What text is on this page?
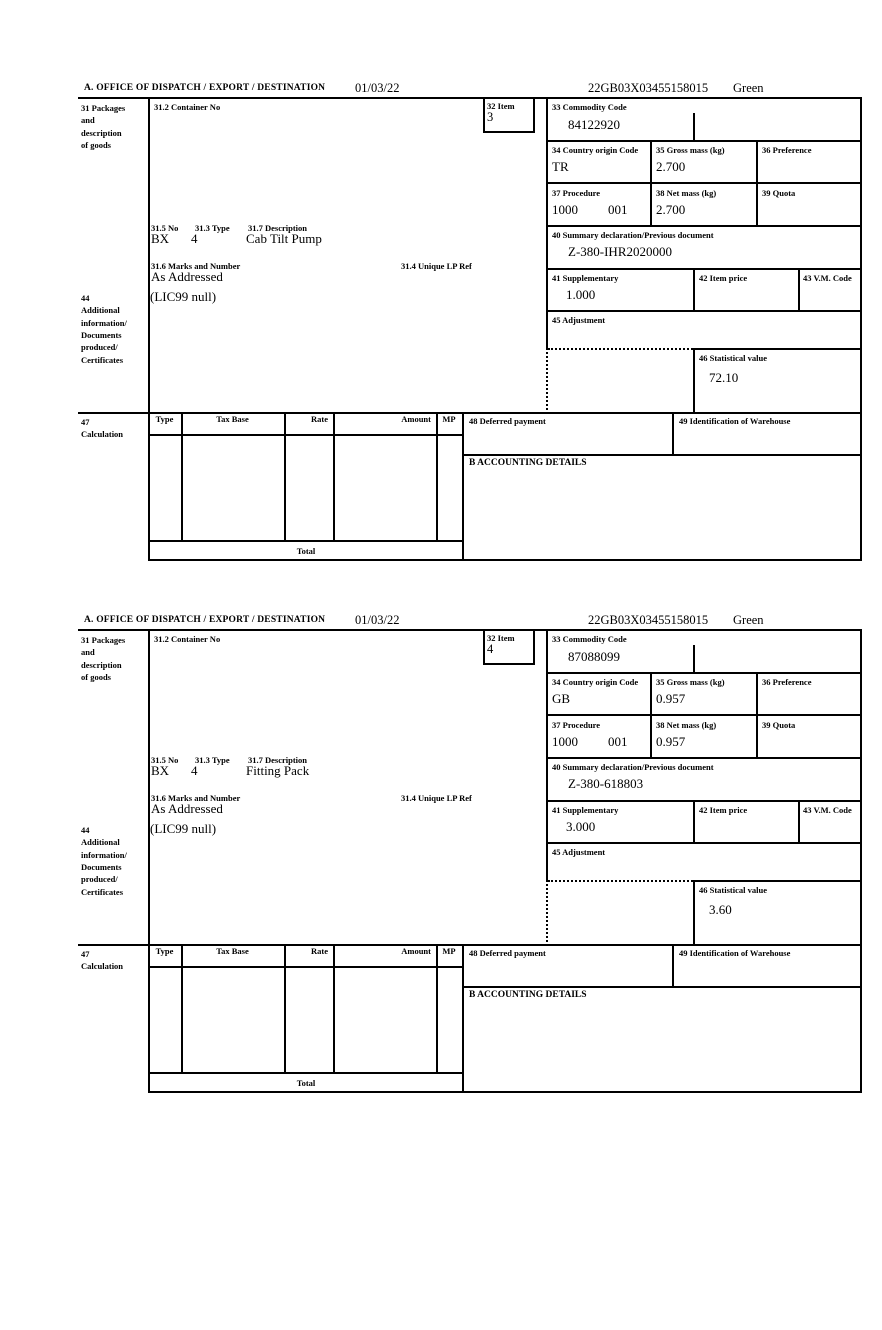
A. OFFICE OF DISPATCH / EXPORT / DESTINATION 01/03/22	22GB03X03455158015 Green
31 Packages
and
description
of goods
44
Additional
information/
Documents
produced/
Certificates
47
Calculation
31.2 Container No	32 Item
3
33 Commodity Code
84122920
34 Country origin Code
TR
35 Gross mass (kg)
2.700
36 Preference
37 Procedure
1000 001
38 Net mass (kg)
2.700
39 Quota
31.5 No 31.3 Type 31.7 Description
BX 4	Cab Tilt Pump
31.6 Marks and Number	31.4 Unique LP Ref
As Addressed
40 Summary declaration/Previous document
Z-380-IHR2020000
41 Supplementary
1.000
42 Item price	43 V.M. Code
(LIC99 null)
45 Adjustment
46 Statistical value
72.10
Type	Tax Base	Rate	Amount	MP	48 Deferred payment	49 Identification of Warehouse
B ACCOUNTING DETAILS
Total
A. OFFICE OF DISPATCH / EXPORT / DESTINATION 01/03/22	22GB03X03455158015 Green
31 Packages
and
description
of goods
44
Additional
information/
Documents
produced/
Certificates
47
Calculation
31.2 Container No	32 Item
4
33 Commodity Code
87088099
34 Country origin Code
GB
35 Gross mass (kg)
0.957
36 Preference
37 Procedure
1000 001
38 Net mass (kg)
0.957
39 Quota
31.5 No 31.3 Type 31.7 Description
BX 4	Fitting Pack
31.6 Marks and Number	31.4 Unique LP Ref
As Addressed
40 Summary declaration/Previous document
Z-380-618803
41 Supplementary
3.000
42 Item price	43 V.M. Code
(LIC99 null)
45 Adjustment
46 Statistical value
3.60
Type	Tax Base	Rate	Amount	MP	48 Deferred payment	49 Identification of Warehouse
B ACCOUNTING DETAILS
Total
